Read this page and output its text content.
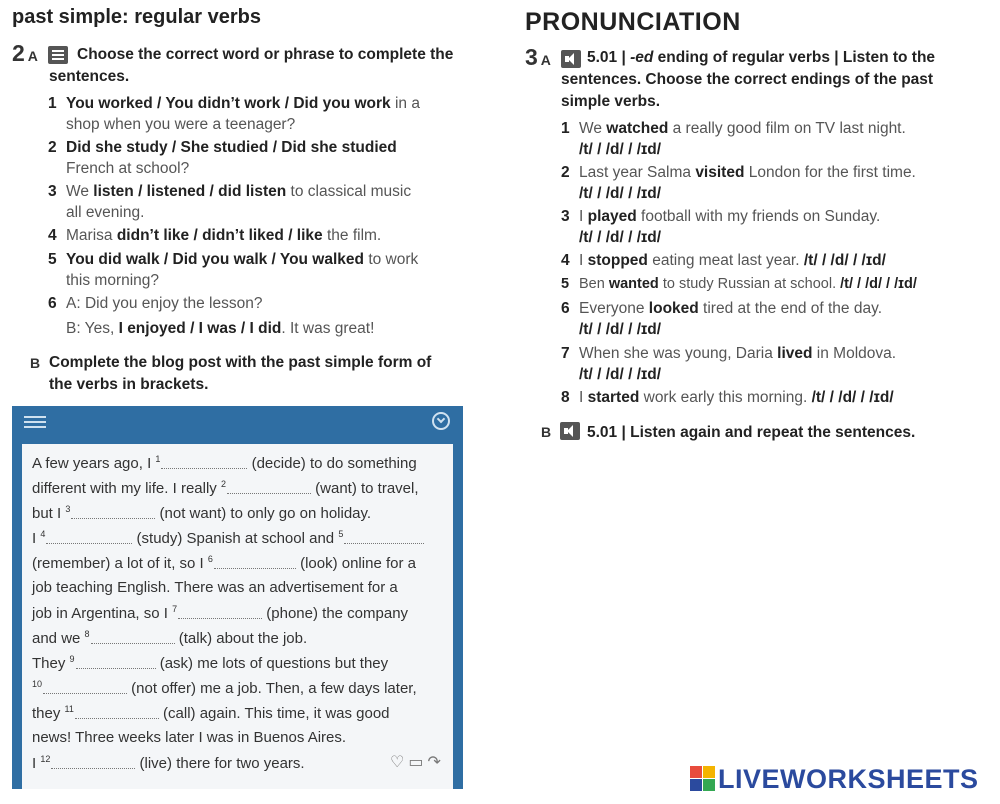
past simple: regular verbs
2 A	Choose the correct word or phrase to complete the
sentences.
1 You worked / You didn’t work / Did you work in a
shop when you were a teenager?
2 Did she study / She studied / Did she studied
French at school?
3 We listen / listened / did listen to classical music
all evening.
4 Marisa didn’t like / didn’t liked / like the film.
5 You did walk / Did you walk / You walked to work
this morning?
6 A: Did you enjoy the lesson?
B: Yes, I enjoyed / I was / I did. It was great!
B Complete the blog post with the past simple form of
the verbs in brackets.
A few years ago, I $^1$	(decide) to do something
different with my life. I really $^2$	(want) to travel,
but I $^3$	(not want) to only go on holiday.
I $^4$	(study) Spanish at school and $^5$
(remember) a lot of it, so I $^6$	(look) online for a
job teaching English. There was an advertisement for a
job in Argentina, so I $^7$	(phone) the company
and we $^8$	(talk) about the job.
They $^9$	(ask) me lots of questions but they
$^{10}$	(not offer) me a job. Then, a few days later,
they $^{11}$	(call) again. This time, it was good
news! Three weeks later I was in Buenos Aires.
I $^{12}$	(live) there for two years.	♡▭↷
PRONUNCIATION
3 A	5.01 | -ed ending of regular verbs | Listen to the
sentences. Choose the correct endings of the past
simple verbs.
1 We watched a really good film on TV last night.
/t/ / /d/ / /ɪd/
2 Last year Salma visited London for the first time.
/t/ / /d/ / /ɪd/
3 I played football with my friends on Sunday.
/t/ / /d/ / /ɪd/
4 I stopped eating meat last year. /t/ / /d/ / /ɪd/
5 Ben wanted to study Russian at school. /t/ / /d/ / /ɪd/
6 Everyone looked tired at the end of the day.
/t/ / /d/ / /ɪd/
7 When she was young, Daria lived in Moldova.
/t/ / /d/ / /ɪd/
8 I started work early this morning. /t/ / /d/ / /ɪd/
B	5.01 | Listen again and repeat the sentences.
LIVEWORKSHEETS
